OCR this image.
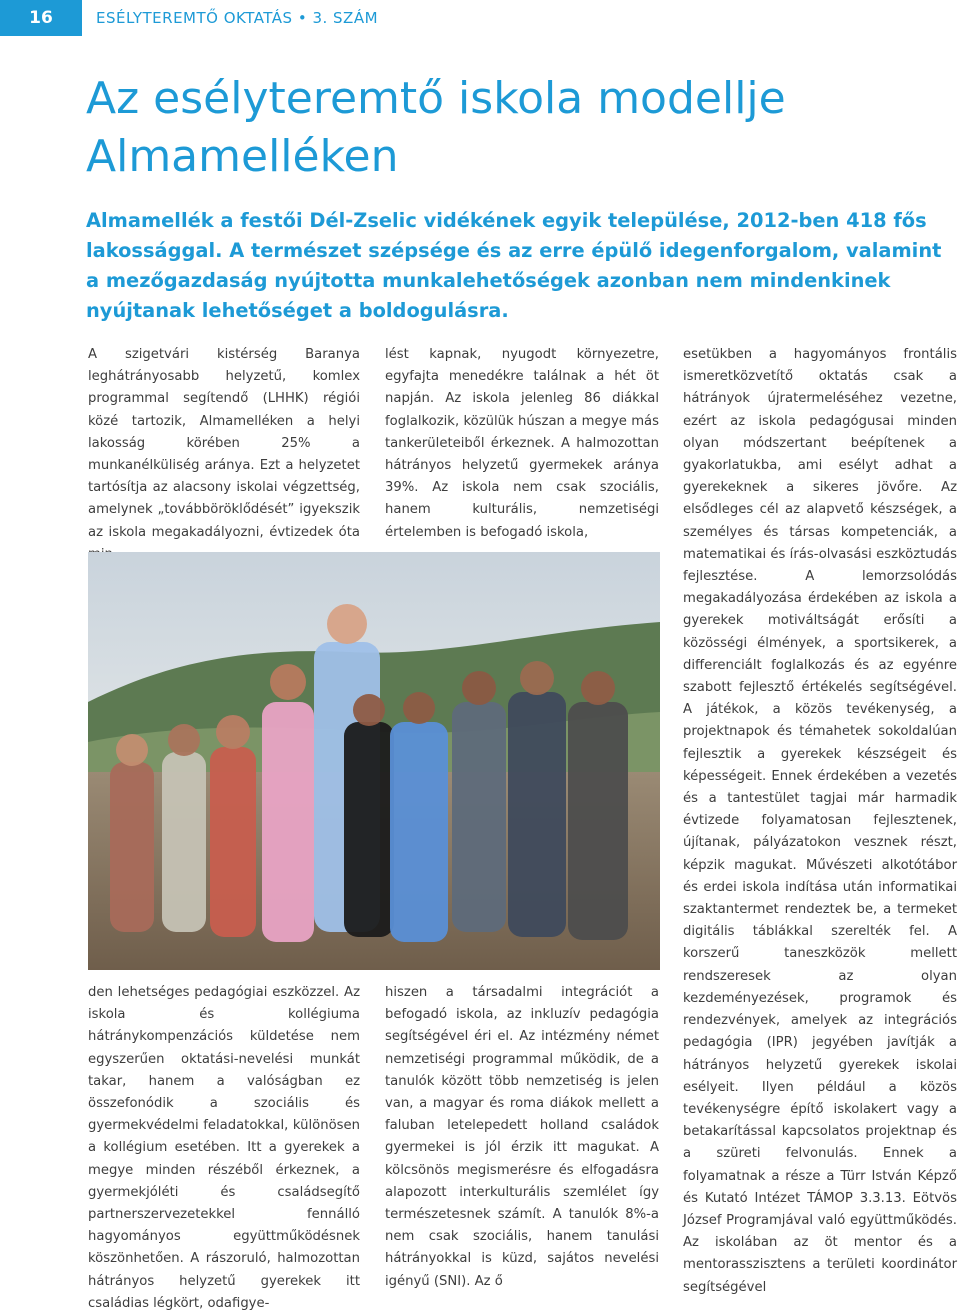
16	ESÉLYTEREMTŐ OKTATÁS • 3. SZÁM
Az esélyteremtő iskola modellje Almamelléken

Almamellék a festői Dél-Zselic vidékének egyik települése, 2012-ben 418 fős lakossággal. A természet szépsége és az erre épülő idegenforgalom, valamint a mezőgazdaság nyújtotta munkalehetőségek azonban nem mindenkinek nyújtanak lehetőséget a boldogulásra.

A szigetvári kistérség Baranya leghátrányosabb helyzetű, komlex programmal segítendő (LHHK) régiói közé tartozik, Almamelléken a helyi lakosság körében 25% a munkanélküliség aránya. Ezt a helyzetet tartósítja az alacsony iskolai végzettség, amelynek „továbböröklődését” igyekszik az iskola megakadályozni, évtizedek óta

lést kapnak, nyugodt környezetre, egyfajta menedékre találnak a hét öt napján. Az iskola jelenleg 86 diákkal foglalkozik, közülük húszan a megye más tankerületeiből érkeznek. A halmozottan hátrányos helyzetű gyermekek aránya 39%. Az iskola nem csak szociális, hanem kulturális, nemzetiségi értelemben is befogadó iskola,

esetükben a hagyományos frontális ismeretközvetítő oktatás csak a hátrányok újratermeléséhez vezetne, ezért az iskola pedagógusai minden olyan módszertant beépítenek a gyakorlatukba, ami esélyt adhat a gyerekeknek a sikeres jövőre. Az elsődleges cél az alapvető készségek, a személyes és társas kompetenciák, a matematikai és írás-olvasási eszköztudás fejlesztése. A lemorzsolódás megakadályozása érdekében az iskola a gyerekek motiváltságát erősíti a közösségi élmények, a sportsikerek, a differenciált foglalkozás és az egyénre szabott fejlesztő értékelés segítségével. A játékok, a közös tevékenység, a projektnapok és témahetek sokoldalúan fejlesztik a gyerekek készségeit és képességeit. Ennek érdekében a vezetés és a tantestület tagjai már harmadik évtizede folyamatosan fejlesztenek, újítanak, pályázatokon vesznek részt, képzik magukat. Művészeti alkotótábor és erdei iskola indítása után informatikai szaktantermet rendeztek be, a termeket digitális táblákkal szerelték fel. A korszerű taneszközök mellett rendszeresek az olyan kezdeményezések, programok és rendezvények, amelyek az integrációs pedagógia (IPR) jegyében javítják a hátrányos helyzetű gyerekek iskolai esélyeit. Ilyen például a közös tevékenységre építő iskolakert vagy a betakarítással kapcsolatos projektnap és a szüreti felvonulás. Ennek a folyamatnak a része a Türr István Képző és Kutató Intézet TÁMOP 3.3.13. Eötvös József Programjával való együttműködés. Az iskolában az öt mentor és a mentorasszisztens a területi koordinátor segítségével

den lehetséges pedagógiai eszközzel. Az iskola és kollégiuma hátránykompenzációs küldetése nem egyszerűen oktatási-nevelési munkát takar, hanem a valóságban ez összefonódik a szociális és gyermekvédelmi feladatokkal, különösen a kollégium esetében. Itt a gyerekek a megye minden részéből érkeznek, a gyermekjóléti és családsegítő partnerszervezetekkel fennálló hagyományos együttműködésnek köszönhetően. A rászoruló, halmozottan hátrányos helyzetű gyerekek itt családias légkört, odafigye-

hiszen a társadalmi integrációt a befogadó iskola, az inkluzív pedagógia segítségével éri el. Az intézmény német nemzetiségi programmal működik, de a tanulók között több nemzetiség is jelen van, a magyar és roma diákok mellett a faluban letelepedett holland családok gyermekei is jól érzik itt magukat. A kölcsönös megismerésre és elfogadásra alapozott interkulturális szemlélet így természetesnek számít. A tanulók 8%-a nem csak szociális, hanem tanulási hátrányokkal is küzd, sajátos nevelési igényű (SNI). Az ő
